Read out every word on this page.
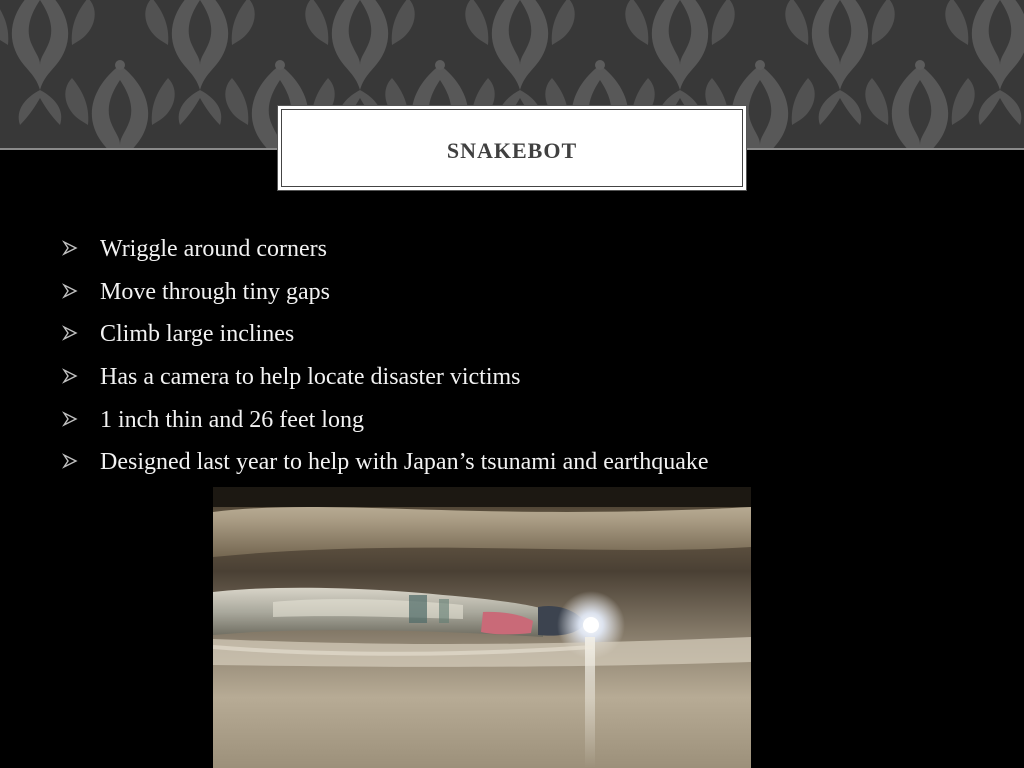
SNAKEBOT
Wriggle around corners
Move through tiny gaps
Climb large inclines
Has a camera to help locate disaster victims
1 inch thin and 26 feet long
Designed last year to help with Japan’s tsunami and earthquake
